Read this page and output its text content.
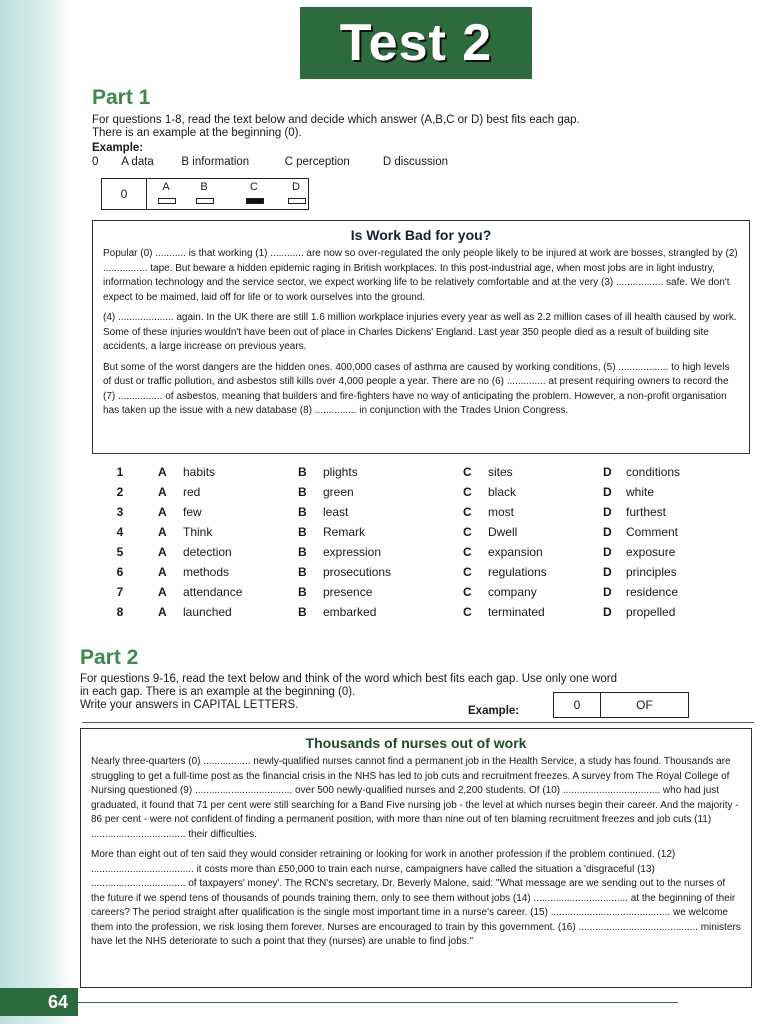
Test 2
Part 1
For questions 1-8, read the text below and decide which answer (A,B,C or D) best fits each gap.
There is an example at the beginning (0).
Example:
0 A data B information	C perception	D discussion
0	A	B	C	D
Is Work Bad for you?

Popular (0) ........... is that working (1) ............ are now so over-regulated the only people likely to be injured at work are bosses, strangled by (2) ................ tape. But beware a hidden epidemic raging in British workplaces. In this post-industrial age, when most jobs are in light industry, information technology and the service sector, we expect working life to be relatively comfortable and at the very (3) ................. safe. We don't expect to be maimed, laid off for life or to work ourselves into the ground.

(4) .................... again. In the UK there are still 1.6 million workplace injuries every year as well as 2.2 million cases of ill health caused by work. Some of these injuries wouldn't have been out of place in Charles Dickens' England. Last year 350 people died as a result of building site accidents, a large increase on previous years.

But some of the worst dangers are the hidden ones. 400,000 cases of asthma are caused by working conditions, (5) .................. to high levels of dust or traffic pollution, and asbestos still kills over 4,000 people a year. There are no (6) .............. at present requiring owners to record the (7) ................ of asbestos, meaning that builders and fire-fighters have no way of anticipating the problem. However, a non-profit organisation has taken up the issue with a new database (8) ............... in conjunction with the Trades Union Congress.

1	A habits	B plights	C sites	D conditions
2	A red	B green	C black	D white
3	A few	B least	C most	D furthest
4	A Think	B Remark	C Dwell	D Comment
5	A detection	B expression	C expansion	D exposure
6	A methods	B prosecutions	C regulations	D principles
7	A attendance	B presence	C company	D residence
8	A launched	B embarked	C terminated	D propelled
Part 2
For questions 9-16, read the text below and think of the word which best fits each gap. Use only one word
in each gap. There is an example at the beginning (0).
Write your answers in CAPITAL LETTERS.	Example:	0	OF
Thousands of nurses out of work

Nearly three-quarters (0) ................. newly-qualified nurses cannot find a permanent job in the Health Service, a study has found. Thousands are struggling to get a full-time post as the financial crisis in the NHS has led to job cuts and recruitment freezes. A survey from The Royal College of Nursing questioned (9) ................................... over 500 newly-qualified nurses and 2,200 students. Of (10) ................................... who had just graduated, it found that 71 per cent were still searching for a Band Five nursing job - the level at which nurses begin their career. And the majority - 86 per cent - were not confident of finding a permanent position, with more than nine out of ten blaming recruitment freezes and job cuts (11) .................................. their difficulties.

More than eight out of ten said they would consider retraining or looking for work in another profession if the problem continued. (12) ..................................... it costs more than £50,000 to train each nurse, campaigners have called the situation a 'disgraceful (13) .................................. of taxpayers' money'. The RCN's secretary, Dr. Beverly Malone, said: "What message are we sending out to the nurses of the future if we spend tens of thousands of pounds training them, only to see them without jobs (14) .................................. at the beginning of their careers? The period straight after qualification is the single most important time in a nurse's career. (15) ........................................... we welcome them into the profession, we risk losing them forever. Nurses are encouraged to train by this government. (16) ........................................... ministers have let the NHS deteriorate to such a point that they (nurses) are unable to find jobs."

64
